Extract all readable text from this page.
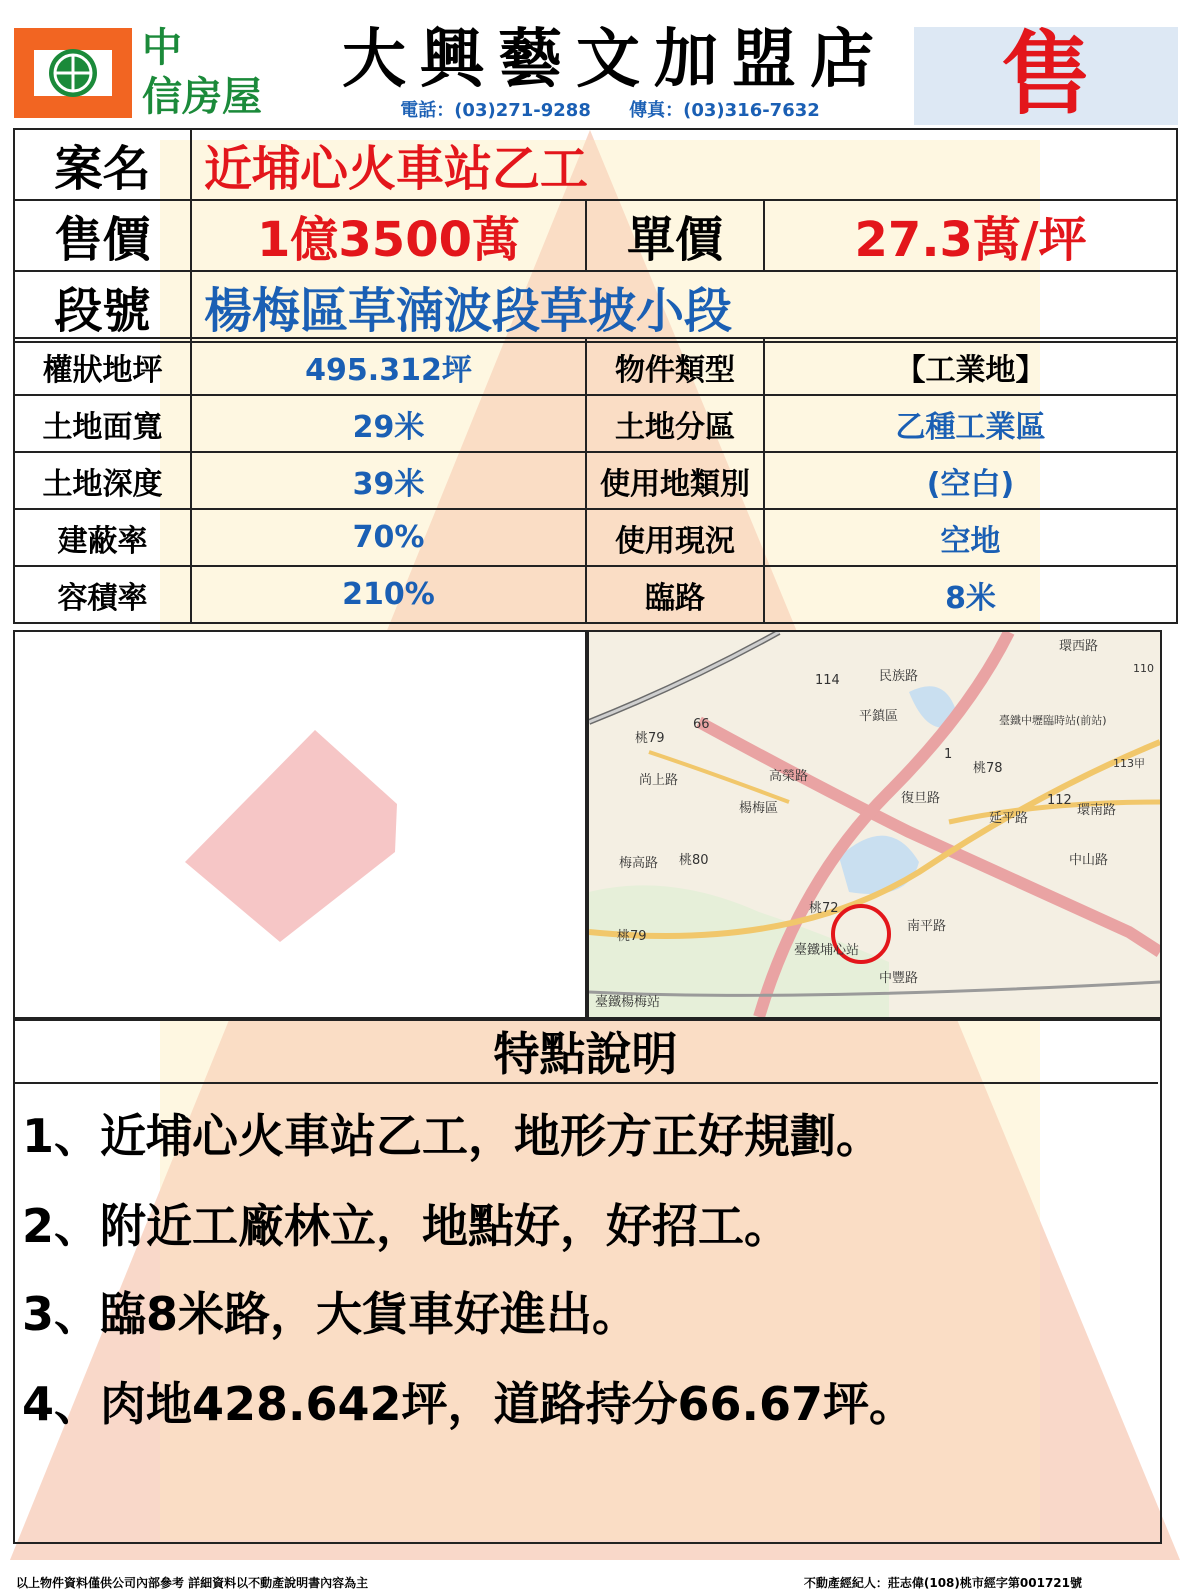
中
信房屋 大興藝文加盟店
電話：(03)271-9288 傳真：(03)316-7632	售
案名	近埔心火車站乙工		
售價	1億3500萬	單價	27.3萬/坪
段號	楊梅區草湳波段草坡小段		
權狀地坪	495.312坪	物件類型	【工業地】
土地面寬	29米	土地分區	乙種工業區
土地深度	39米	使用地類別	(空白)
建蔽率	70%	使用現況	空地
容積率	210%	臨路	8米
民族路
平鎮區
楊梅區
復旦路
南平路
臺鐵埔心站
臺鐵楊梅站
臺鐵中壢臨時站(前站)
114
66
1
112
桃79
桃78
桃80
桃72
桃79
113甲
110
梅高路
高榮路
中豐路
延平路
環南路
中山路
尚上路
環西路
特點說明
1、近埔心火車站乙工，地形方正好規劃。
2、附近工廠林立，地點好，好招工。
3、臨8米路，大貨車好進出。
4、肉地428.642坪，道路持分66.67坪。
以上物件資料僅供公司內部參考 詳細資料以不動產說明書內容為主	不動產經紀人：莊志偉(108)桃市經字第001721號
